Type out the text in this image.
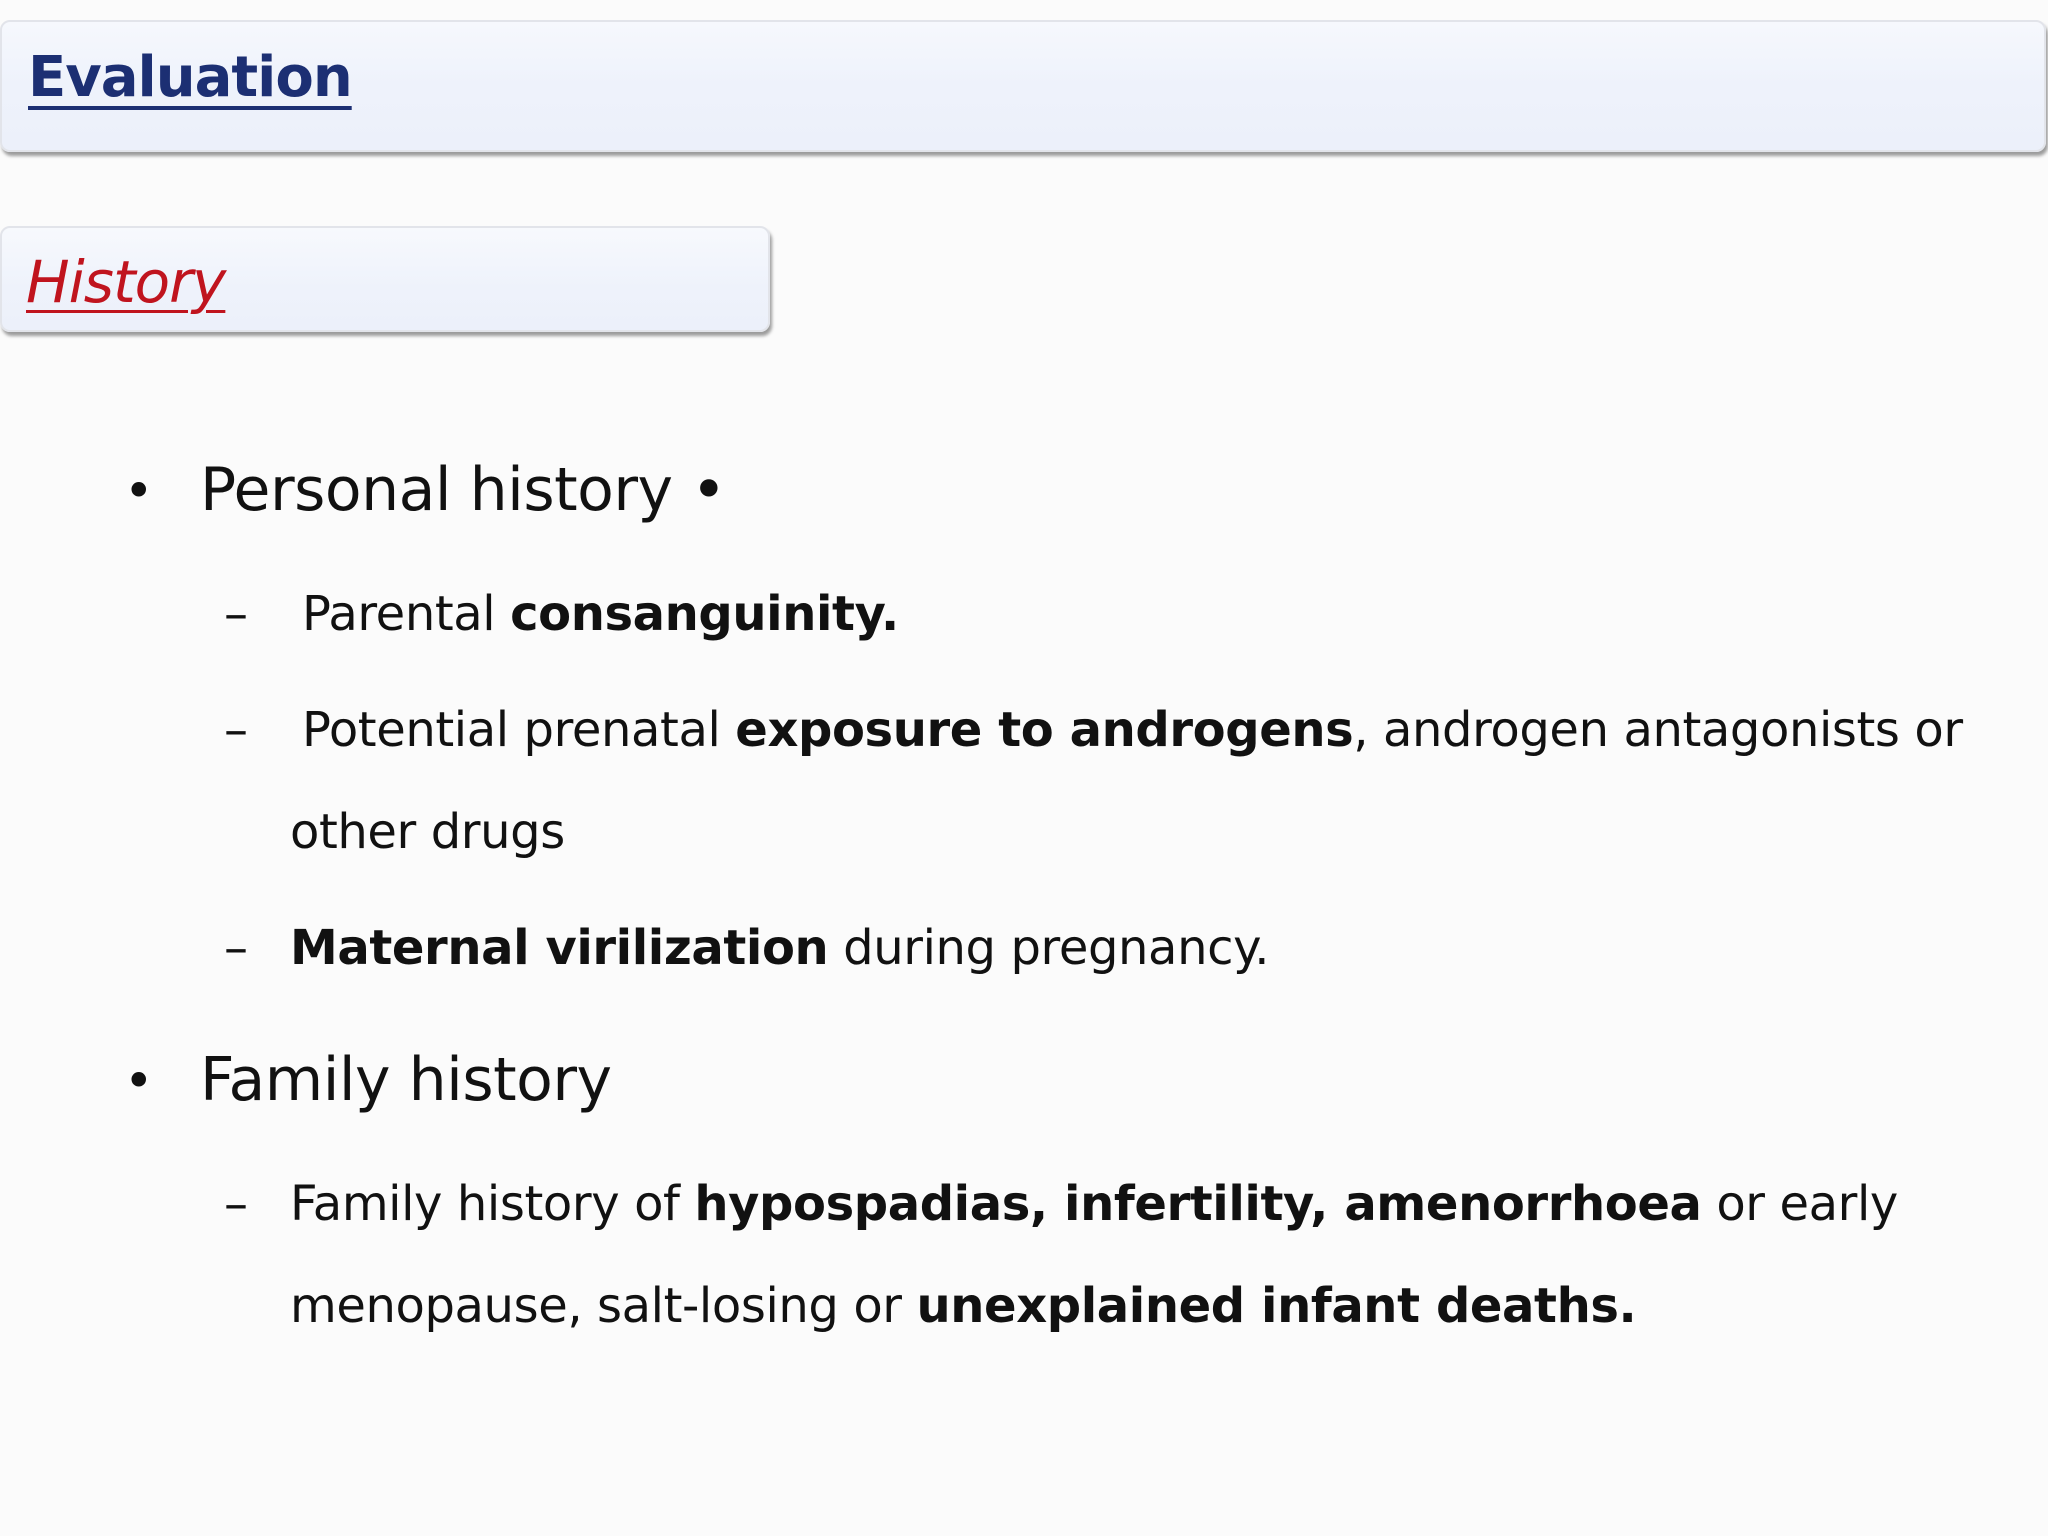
Evaluation
History
• Personal history •
– Parental consanguinity.
– Potential prenatal exposure to androgens, androgen antagonists or
other drugs
– Maternal virilization during pregnancy.
• Family history
– Family history of hypospadias, infertility, amenorrhoea or early
menopause, salt-losing or unexplained infant deaths.
